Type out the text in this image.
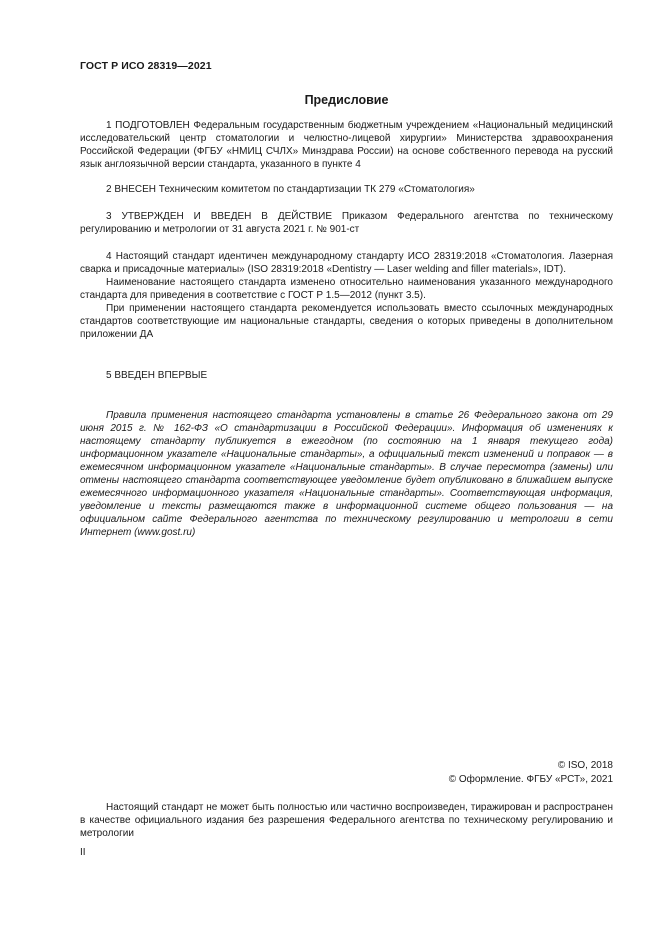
ГОСТ Р ИСО 28319—2021
Предисловие

1 ПОДГОТОВЛЕН Федеральным государственным бюджетным учреждением «Национальный медицинский исследовательский центр стоматологии и челюстно-лицевой хирургии» Министерства здравоохранения Российской Федерации (ФГБУ «НМИЦ СЧЛХ» Минздрава России) на основе собственного перевода на русский язык англоязычной версии стандарта, указанного в пункте 4

2 ВНЕСЕН Техническим комитетом по стандартизации ТК 279 «Стоматология»

3 УТВЕРЖДЕН И ВВЕДЕН В ДЕЙСТВИЕ Приказом Федерального агентства по техническому регулированию и метрологии от 31 августа 2021 г. № 901-ст

4 Настоящий стандарт идентичен международному стандарту ИСО 28319:2018 «Стоматология. Лазерная сварка и присадочные материалы» (ISO 28319:2018 «Dentistry — Laser welding and filler materials», IDT).

Наименование настоящего стандарта изменено относительно наименования указанного международного стандарта для приведения в соответствие с ГОСТ Р 1.5—2012 (пункт 3.5).

При применении настоящего стандарта рекомендуется использовать вместо ссылочных международных стандартов соответствующие им национальные стандарты, сведения о которых приведены в дополнительном приложении ДА

5 ВВЕДЕН ВПЕРВЫЕ

Правила применения настоящего стандарта установлены в статье 26 Федерального закона от 29 июня 2015 г. № 162-ФЗ «О стандартизации в Российской Федерации». Информация об изменениях к настоящему стандарту публикуется в ежегодном (по состоянию на 1 января текущего года) информационном указателе «Национальные стандарты», а официальный текст изменений и поправок — в ежемесячном информационном указателе «Национальные стандарты». В случае пересмотра (замены) или отмены настоящего стандарта соответствующее уведомление будет опубликовано в ближайшем выпуске ежемесячного информационного указателя «Национальные стандарты». Соответствующая информация, уведомление и тексты размещаются также в информационной системе общего пользования — на официальном сайте Федерального агентства по техническому регулированию и метрологии в сети Интернет (www.gost.ru)

© ISO, 2018
© Оформление. ФГБУ «РСТ», 2021

Настоящий стандарт не может быть полностью или частично воспроизведен, тиражирован и распространен в качестве официального издания без разрешения Федерального агентства по техническому регулированию и метрологии

II
